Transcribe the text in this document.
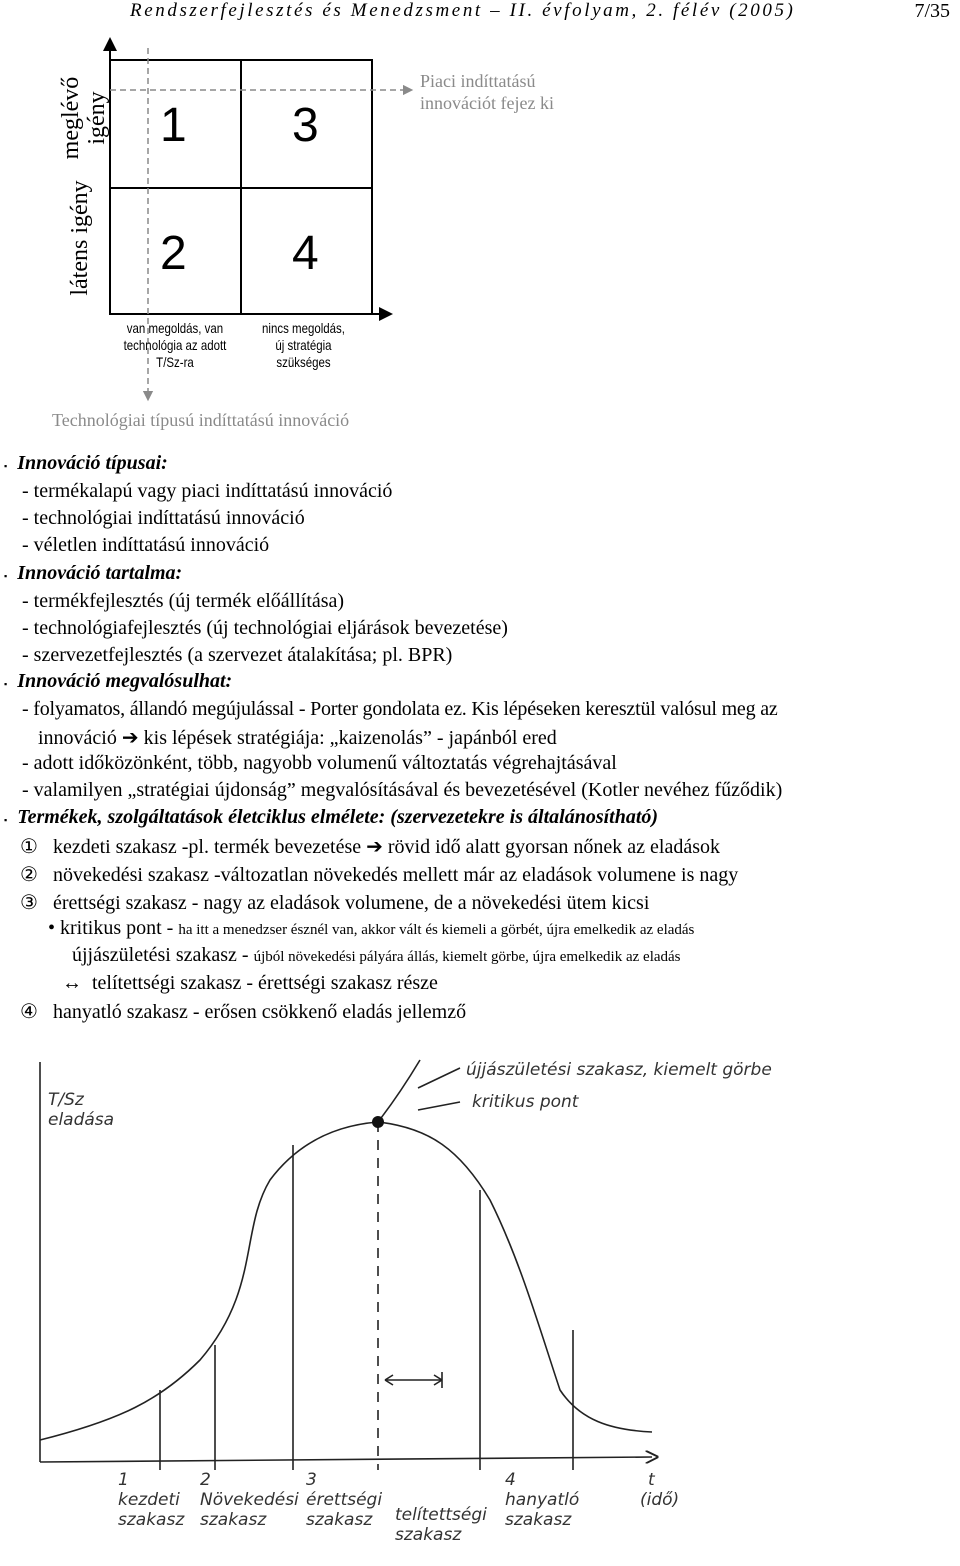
Rendszerfejlesztés és Menedzsment – II. évfolyam, 2. félév (2005)	7/35
1 3
2 4
meglévő igény
látens igény
van megoldás, van technológia az adott T/Sz-ra
nincs megoldás, új stratégia szükséges
Piaci indíttatású innovációt fejez ki
Technológiai típusú indíttatású innováció
▪ Innováció típusai:
- termékalapú vagy piaci indíttatású innováció
- technológiai indíttatású innováció
- véletlen indíttatású innováció
▪ Innováció tartalma:
- termékfejlesztés (új termék előállítása)
- technológiafejlesztés (új technológiai eljárások bevezetése)
- szervezetfejlesztés (a szervezet átalakítása; pl. BPR)
▪ Innováció megvalósulhat:
- folyamatos, állandó megújulással - Porter gondolata ez. Kis lépéseken keresztül valósul meg az
innováció ➔ kis lépések stratégiája: „kaizenolás” - japánból ered
- adott időközönként, több, nagyobb volumenű változtatás végrehajtásával
- valamilyen „stratégiai újdonság” megvalósításával és bevezetésével (Kotler nevéhez fűződik)
▪ Termékek, szolgáltatások életciklus elmélete: (szervezetekre is általánosítható)
① kezdeti szakasz -pl. termék bevezetése ➔ rövid idő alatt gyorsan nőnek az eladások
② növekedési szakasz -változatlan növekedés mellett már az eladások volumene is nagy
③ érettségi szakasz - nagy az eladások volumene, de a növekedési ütem kicsi
• kritikus pont - ha itt a menedzser észnél van, akkor vált és kiemeli a görbét, újra emelkedik az eladás
újjászületési szakasz - újból növekedési pályára állás, kiemelt görbe, újra emelkedik az eladás
↔ telítettségi szakasz - érettségi szakasz része
④ hanyatló szakasz - erősen csökkenő eladás jellemző
T/Sz eladása
újjászületési szakasz, kiemelt görbe
kritikus pont
t
(idő)
1
kezdeti szakasz
2
Növekedési szakasz
3
érettségi szakasz telítettségi szakasz
4
hanyatló szakasz
